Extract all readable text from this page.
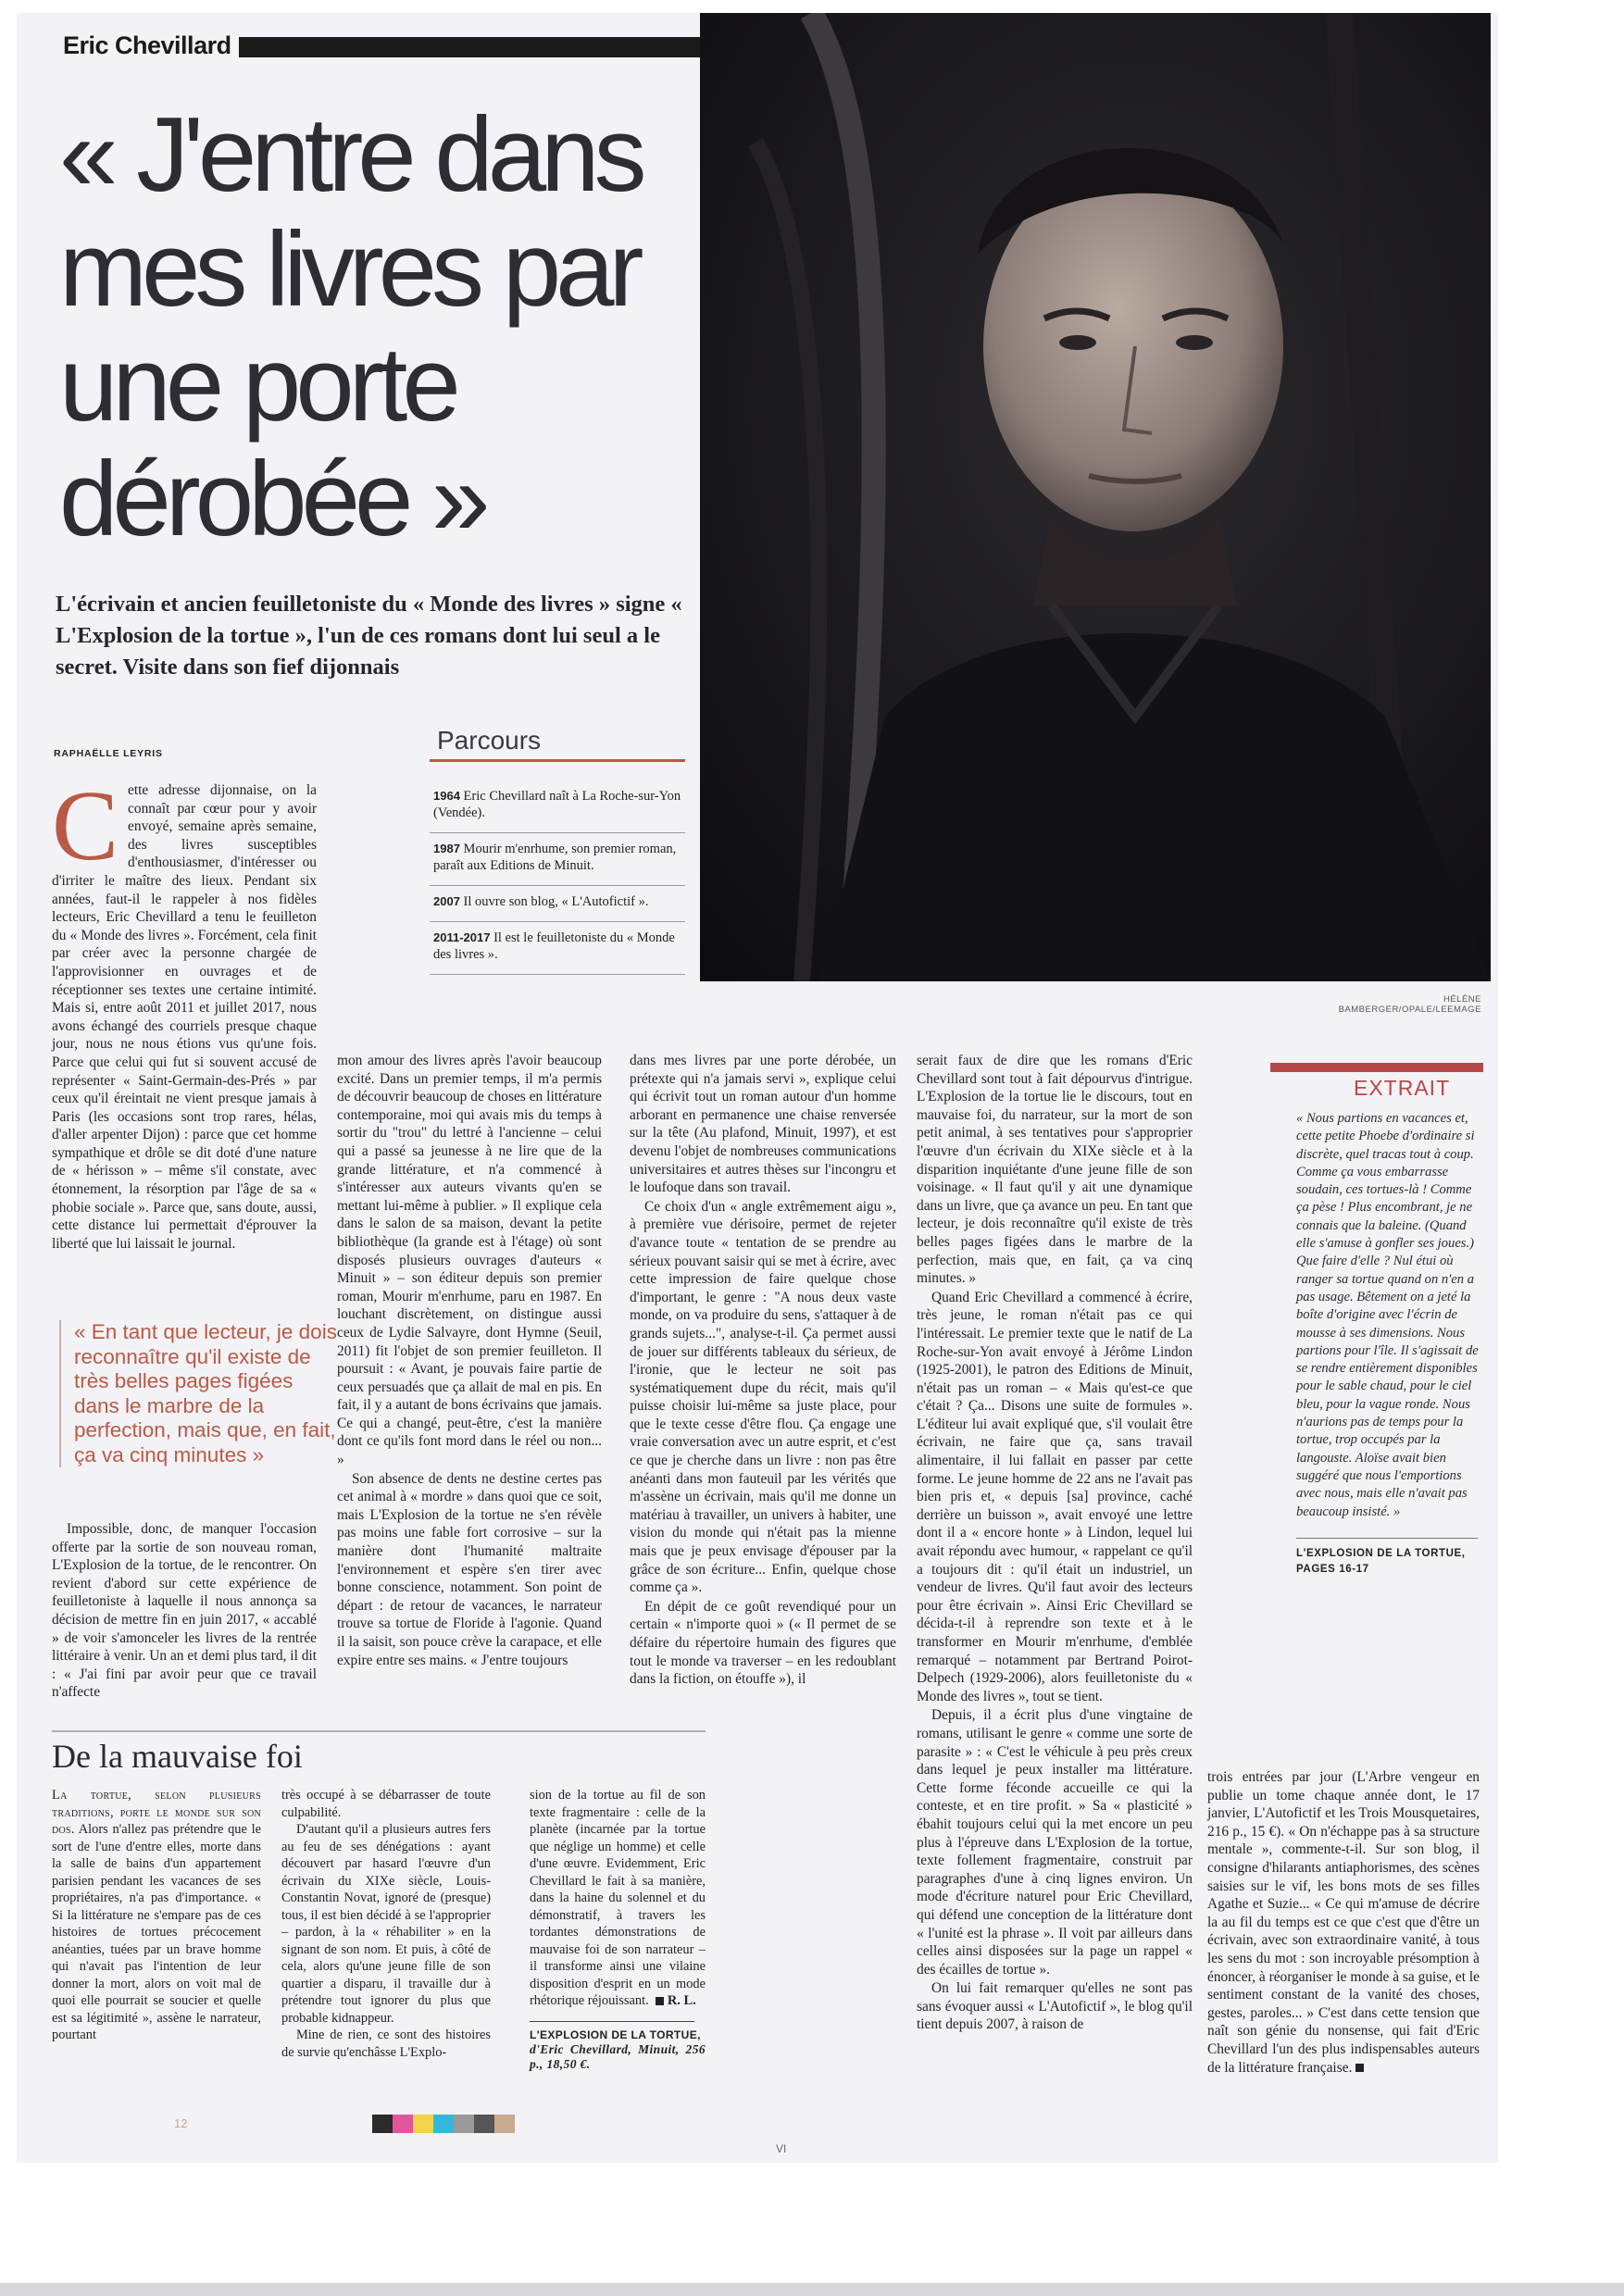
Eric Chevillard
« J'entre dans mes livres par une porte dérobée »

L'écrivain et ancien feuilletoniste du « Monde des livres » signe « L'Explosion de la tortue », l'un de ces romans dont lui seul a le secret. Visite dans son fief dijonnais

HÉLÈNE BAMBERGER/OPALE/LEEMAGE
RAPHAËLLE LEYRIS	Parcours
1964 Eric Chevillard naît à La Roche-sur-Yon (Vendée).
1987 Mourir m'enrhume, son premier roman, paraît aux Editions de Minuit.
2007 Il ouvre son blog, « L'Autofictif ».
2011-2017 Il est le feuilletoniste du « Monde des livres ».

Cette adresse dijonnaise, on la connaît par cœur pour y avoir envoyé, semaine après semaine, des livres susceptibles d'enthousiasmer, d'intéresser ou d'irriter le maître des lieux. Pendant six années, faut-il le rappeler à nos fidèles lecteurs, Eric Chevillard a tenu le feuilleton du « Monde des livres ». Forcément, cela finit par créer avec la personne chargée de l'approvisionner en ouvrages et de réceptionner ses textes une certaine intimité. Mais si, entre août 2011 et juillet 2017, nous avons échangé des courriels presque chaque jour, nous ne nous étions vus qu'une fois. Parce que celui qui fut si souvent accusé de représenter « Saint-Germain-des-Prés » par ceux qu'il éreintait ne vient presque jamais à Paris (les occasions sont trop rares, hélas, d'aller arpenter Dijon) : parce que cet homme sympathique et drôle se dit doté d'une nature de « hérisson » – même s'il constate, avec étonnement, la résorption par l'âge de sa « phobie sociale ». Parce que, sans doute, aussi, cette distance lui permettait d'éprouver la liberté que lui laissait le journal.

« En tant que lecteur, je dois reconnaître qu'il existe de très belles pages figées dans le marbre de la perfection, mais que, en fait, ça va cinq minutes »

Impossible, donc, de manquer l'occasion offerte par la sortie de son nouveau roman, L'Explosion de la tortue, de le rencontrer. On revient d'abord sur cette expérience de feuilletoniste à laquelle il nous annonça sa décision de mettre fin en juin 2017, « accablé » de voir s'amonceler les livres de la rentrée littéraire à venir. Un an et demi plus tard, il dit : « J'ai fini par avoir peur que ce travail n'affecte

mon amour des livres après l'avoir beaucoup excité. Dans un premier temps, il m'a permis de découvrir beaucoup de choses en littérature contemporaine, moi qui avais mis du temps à sortir du "trou" du lettré à l'ancienne – celui qui a passé sa jeunesse à ne lire que de la grande littérature, et n'a commencé à s'intéresser aux auteurs vivants qu'en se mettant lui-même à publier. » Il explique cela dans le salon de sa maison, devant la petite bibliothèque (la grande est à l'étage) où sont disposés plusieurs ouvrages d'auteurs « Minuit » – son éditeur depuis son premier roman, Mourir m'enrhume, paru en 1987. En louchant discrètement, on distingue aussi ceux de Lydie Salvayre, dont Hymne (Seuil, 2011) fit l'objet de son premier feuilleton. Il poursuit : « Avant, je pouvais faire partie de ceux persuadés que ça allait de mal en pis. En fait, il y a autant de bons écrivains que jamais. Ce qui a changé, peut-être, c'est la manière dont ce qu'ils font mord dans le réel ou non... »

Son absence de dents ne destine certes pas cet animal à « mordre » dans quoi que ce soit, mais L'Explosion de la tortue ne s'en révèle pas moins une fable fort corrosive – sur la manière dont l'humanité maltraite l'environnement et espère s'en tirer avec bonne conscience, notamment. Son point de départ : de retour de vacances, le narrateur trouve sa tortue de Floride à l'agonie. Quand il la saisit, son pouce crève la carapace, et elle expire entre ses mains. « J'entre toujours

dans mes livres par une porte dérobée, un prétexte qui n'a jamais servi », explique celui qui écrivit tout un roman autour d'un homme arborant en permanence une chaise renversée sur la tête (Au plafond, Minuit, 1997), et est devenu l'objet de nombreuses communications universitaires et autres thèses sur l'incongru et le loufoque dans son travail.

Ce choix d'un « angle extrêmement aigu », à première vue dérisoire, permet de rejeter d'avance toute « tentation de se prendre au sérieux pouvant saisir qui se met à écrire, avec cette impression de faire quelque chose d'important, le genre : "A nous deux vaste monde, on va produire du sens, s'attaquer à de grands sujets...", analyse-t-il. Ça permet aussi de jouer sur différents tableaux du sérieux, de l'ironie, que le lecteur ne soit pas systématiquement dupe du récit, mais qu'il puisse choisir lui-même sa juste place, pour que le texte cesse d'être flou. Ça engage une vraie conversation avec un autre esprit, et c'est ce que je cherche dans un livre : non pas être anéanti dans mon fauteuil par les vérités que m'assène un écrivain, mais qu'il me donne un matériau à travailler, un univers à habiter, une vision du monde qui n'était pas la mienne mais que je peux envisage d'épouser par la grâce de son écriture... Enfin, quelque chose comme ça ».

En dépit de ce goût revendiqué pour un certain « n'importe quoi » (« Il permet de se défaire du répertoire humain des figures que tout le monde va traverser – en les redoublant dans la fiction, on étouffe »), il

serait faux de dire que les romans d'Eric Chevillard sont tout à fait dépourvus d'intrigue. L'Explosion de la tortue lie le discours, tout en mauvaise foi, du narrateur, sur la mort de son petit animal, à ses tentatives pour s'approprier l'œuvre d'un écrivain du XIXe siècle et à la disparition inquiétante d'une jeune fille de son voisinage. « Il faut qu'il y ait une dynamique dans un livre, que ça avance un peu. En tant que lecteur, je dois reconnaître qu'il existe de très belles pages figées dans le marbre de la perfection, mais que, en fait, ça va cinq minutes. »

Quand Eric Chevillard a commencé à écrire, très jeune, le roman n'était pas ce qui l'intéressait. Le premier texte que le natif de La Roche-sur-Yon avait envoyé à Jérôme Lindon (1925-2001), le patron des Editions de Minuit, n'était pas un roman – « Mais qu'est-ce que c'était ? Ça... Disons une suite de formules ». L'éditeur lui avait expliqué que, s'il voulait être écrivain, ne faire que ça, sans travail alimentaire, il lui fallait en passer par cette forme. Le jeune homme de 22 ans ne l'avait pas bien pris et, « depuis [sa] province, caché derrière un buisson », avait envoyé une lettre dont il a « encore honte » à Lindon, lequel lui avait répondu avec humour, « rappelant ce qu'il a toujours dit : qu'il était un industriel, un vendeur de livres. Qu'il faut avoir des lecteurs pour être écrivain ». Ainsi Eric Chevillard se décida-t-il à reprendre son texte et à le transformer en Mourir m'enrhume, d'emblée remarqué – notamment par Bertrand Poirot-Delpech (1929-2006), alors feuilletoniste du « Monde des livres », tout se tient.

Depuis, il a écrit plus d'une vingtaine de romans, utilisant le genre « comme une sorte de parasite » : « C'est le véhicule à peu près creux dans lequel je peux installer ma littérature. Cette forme féconde accueille ce qui la conteste, et en tire profit. » Sa « plasticité » ébahit toujours celui qui la met encore un peu plus à l'épreuve dans L'Explosion de la tortue, texte follement fragmentaire, construit par paragraphes d'une à cinq lignes environ. Un mode d'écriture naturel pour Eric Chevillard, qui défend une conception de la littérature dont « l'unité est la phrase ». Il voit par ailleurs dans celles ainsi disposées sur la page un rappel « des écailles de tortue ».

On lui fait remarquer qu'elles ne sont pas sans évoquer aussi « L'Autofictif », le blog qu'il tient depuis 2007, à raison de

EXTRAIT
« Nous partions en vacances et, cette petite Phoebe d'ordinaire si discrète, quel tracas tout à coup. Comme ça vous embarrasse soudain, ces tortues-là ! Comme ça pèse ! Plus encombrant, je ne connais que la baleine. (Quand elle s'amuse à gonfler ses joues.) Que faire d'elle ? Nul étui où ranger sa tortue quand on n'en a pas usage. Bêtement on a jeté la boîte d'origine avec l'écrin de mousse à ses dimensions. Nous partions pour l'île. Il s'agissait de se rendre entièrement disponibles pour le sable chaud, pour le ciel bleu, pour la vague ronde. Nous n'aurions pas de temps pour la tortue, trop occupés par la langouste. Aloïse avait bien suggéré que nous l'emportions avec nous, mais elle n'avait pas beaucoup insisté. »
L'EXPLOSION DE LA TORTUE, PAGES 16-17

trois entrées par jour (L'Arbre vengeur en publie un tome chaque année dont, le 17 janvier, L'Autofictif et les Trois Mousquetaires, 216 p., 15 €). « On n'échappe pas à sa structure mentale », commente-t-il. Sur son blog, il consigne d'hilarants antiaphorismes, des scènes saisies sur le vif, les bons mots de ses filles Agathe et Suzie... « Ce qui m'amuse de décrire la au fil du temps est ce que c'est que d'être un écrivain, avec son extraordinaire vanité, à tous les sens du mot : son incroyable présomption à énoncer, à réorganiser le monde à sa guise, et le sentiment constant de la vanité des choses, gestes, paroles... » C'est dans cette tension que naît son génie du nonsense, qui fait d'Eric Chevillard l'un des plus indispensables auteurs de la littérature française.

De la mauvaise foi

La tortue, selon plusieurs traditions, porte le monde sur son dos. Alors n'allez pas prétendre que le sort de l'une d'entre elles, morte dans la salle de bains d'un appartement parisien pendant les vacances de ses propriétaires, n'a pas d'importance. « Si la littérature ne s'empare pas de ces histoires de tortues précocement anéanties, tuées par un brave homme qui n'avait pas l'intention de leur donner la mort, alors on voit mal de quoi elle pourrait se soucier et quelle est sa légitimité », assène le narrateur, pourtant

très occupé à se débarrasser de toute culpabilité.

D'autant qu'il a plusieurs autres fers au feu de ses dénégations : ayant découvert par hasard l'œuvre d'un écrivain du XIXe siècle, Louis-Constantin Novat, ignoré de (presque) tous, il est bien décidé à se l'approprier – pardon, à la « réhabiliter » en la signant de son nom. Et puis, à côté de cela, alors qu'une jeune fille de son quartier a disparu, il travaille dur à prétendre tout ignorer du plus que probable kidnappeur.

Mine de rien, ce sont des histoires de survie qu'enchâsse L'Explo-

sion de la tortue au fil de son texte fragmentaire : celle de la planète (incarnée par la tortue que néglige un homme) et celle d'une œuvre. Evidemment, Eric Chevillard le fait à sa manière, dans la haine du solennel et du démonstratif, à travers les tordantes démonstrations de mauvaise foi de son narrateur – il transforme ainsi une vilaine disposition d'esprit en un mode rhétorique réjouissant. R. L.

L'EXPLOSION DE LA TORTUE,
d'Eric Chevillard, Minuit, 256 p., 18,50 €.
12
VI
